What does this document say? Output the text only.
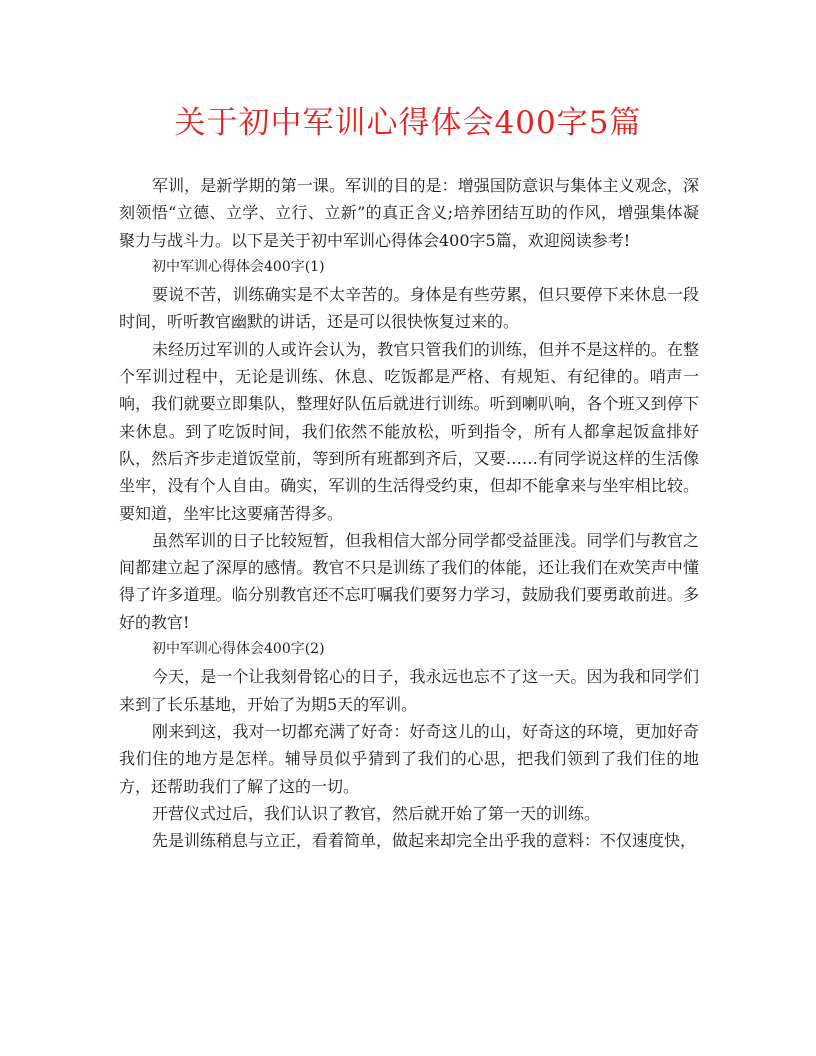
关于初中军训心得体会400字5篇

军训，是新学期的第一课。军训的目的是：增强国防意识与集体主义观念，深刻领悟“立德、立学、立行、立新”的真正含义;培养团结互助的作风，增强集体凝聚力与战斗力。以下是关于初中军训心得体会400字5篇，欢迎阅读参考!

初中军训心得体会400字(1)

要说不苦，训练确实是不太辛苦的。身体是有些劳累，但只要停下来休息一段时间，听听教官幽默的讲话，还是可以很快恢复过来的。

未经历过军训的人或许会认为，教官只管我们的训练，但并不是这样的。在整个军训过程中，无论是训练、休息、吃饭都是严格、有规矩、有纪律的。哨声一响，我们就要立即集队，整理好队伍后就进行训练。听到喇叭响，各个班又到停下来休息。到了吃饭时间，我们依然不能放松，听到指令，所有人都拿起饭盒排好队，然后齐步走道饭堂前，等到所有班都到齐后，又要……有同学说这样的生活像坐牢，没有个人自由。确实，军训的生活得受约束，但却不能拿来与坐牢相比较。要知道，坐牢比这要痛苦得多。

虽然军训的日子比较短暂，但我相信大部分同学都受益匪浅。同学们与教官之间都建立起了深厚的感情。教官不只是训练了我们的体能，还让我们在欢笑声中懂得了许多道理。临分别教官还不忘叮嘱我们要努力学习，鼓励我们要勇敢前进。多好的教官!

初中军训心得体会400字(2)

今天，是一个让我刻骨铭心的日子，我永远也忘不了这一天。因为我和同学们来到了长乐基地，开始了为期5天的军训。

刚来到这，我对一切都充满了好奇：好奇这儿的山，好奇这的环境，更加好奇我们住的地方是怎样。辅导员似乎猜到了我们的心思，把我们领到了我们住的地方，还帮助我们了解了这的一切。

开营仪式过后，我们认识了教官，然后就开始了第一天的训练。

先是训练稍息与立正，看着简单，做起来却完全出乎我的意料：不仅速度快，
